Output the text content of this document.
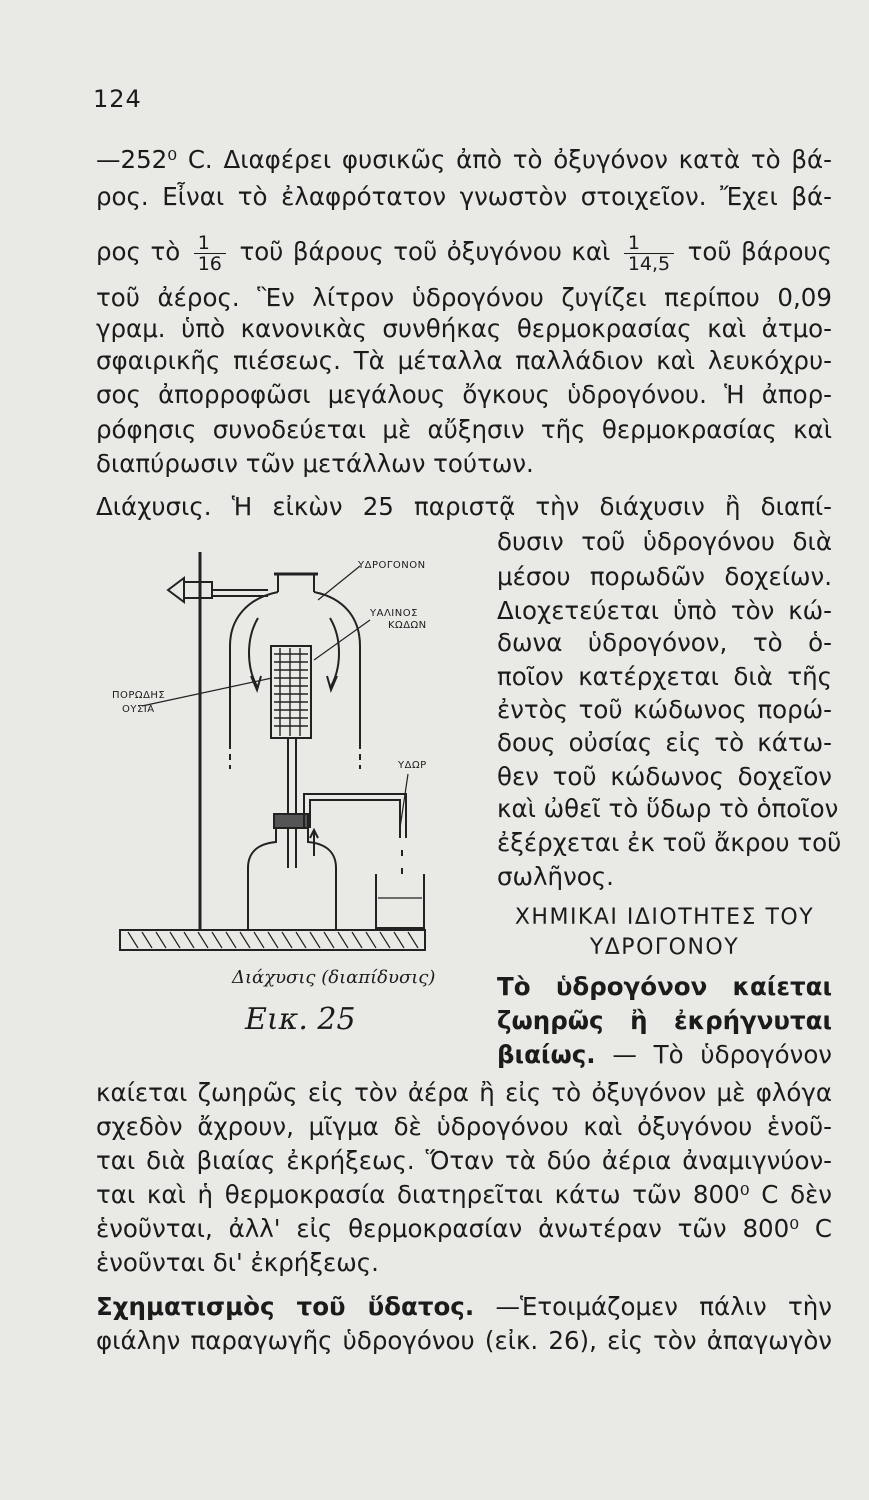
124
—252⁰ C. Διαφέρει φυσικῶς ἀπὸ τὸ ὀξυγόνον κατὰ τὸ βά-
ρος. Εἶναι τὸ ἐλαφρότατον γνωστὸν στοιχεῖον. Ἔχει βά-
ρος τὸ $\frac{1}{16}$ τοῦ βάρους τοῦ ὀξυγόνου καὶ $\frac{1}{14,5}$ τοῦ βάρους
τοῦ ἀέρος. Ἓν λίτρον ὑδρογόνου ζυγίζει περίπου 0,09
γραμ. ὑπὸ κανονικὰς συνθήκας θερμοκρασίας καὶ ἀτμο-
σφαιρικῆς πιέσεως. Τὰ μέταλλα παλλάδιον καὶ λευκόχρυ-
σος ἀπορροφῶσι μεγάλους ὄγκους ὑδρογόνου. Ἡ ἀπορ-
ρόφησις συνοδεύεται μὲ αὔξησιν τῆς θερμοκρασίας καὶ
διαπύρωσιν τῶν μετάλλων τούτων.
Διάχυσις. Ἡ εἰκὼν 25 παριστᾷ τὴν διάχυσιν ἢ διαπί-
δυσιν τοῦ ὑδρογόνου διὰ
μέσου πορωδῶν δοχείων.
Διοχετεύεται ὑπὸ τὸν κώ-
δωνα ὑδρογόνον, τὸ ὁ-
ποῖον κατέρχεται διὰ τῆς
ἐντὸς τοῦ κώδωνος πορώ-
δους οὐσίας εἰς τὸ κάτω-
θεν τοῦ κώδωνος δοχεῖον
καὶ ὠθεῖ τὸ ὕδωρ τὸ ὁποῖον
ἐξέρχεται ἐκ τοῦ ἄκρου τοῦ
σωλῆνος.
ΧΗΜΙΚΑΙ ΙΔΙΟΤΗΤΕΣ ΤΟΥ
ΥΔΡΟΓΟΝΟΥ
Τὸ ὑδρογόνον καίεται
ζωηρῶς ἢ ἐκρήγνυται
βιαίως. — Τὸ ὑδρογόνον
καίεται ζωηρῶς εἰς τὸν ἀέρα ἢ εἰς τὸ ὀξυγόνον μὲ φλόγα
σχεδὸν ἄχρουν, μῖγμα δὲ ὑδρογόνου καὶ ὀξυγόνου ἑνοῦ-
ται διὰ βιαίας ἐκρήξεως. Ὅταν τὰ δύο ἀέρια ἀναμιγνύον-
ται καὶ ἡ θερμοκρασία διατηρεῖται κάτω τῶν 800⁰ C δὲν
ἑνοῦνται, ἀλλ' εἰς θερμοκρασίαν ἀνωτέραν τῶν 800⁰ C
ἑνοῦνται δι' ἐκρήξεως.
Σχηματισμὸς τοῦ ὕδατος. —Ἑτοιμάζομεν πάλιν τὴν
φιάλην παραγωγῆς ὑδρογόνου (εἰκ. 26), εἰς τὸν ἀπαγωγὸν
ΥΔΡΟΓΟΝΟΝ
ΥΑΛΙΝΟΣ
ΚΩΔΩΝ
ΠΟΡΩΔΗΣ
ΟΥΣΙΑ
ΥΔΩΡ
Διάχυσις (διαπίδυσις)
Εικ. 25
